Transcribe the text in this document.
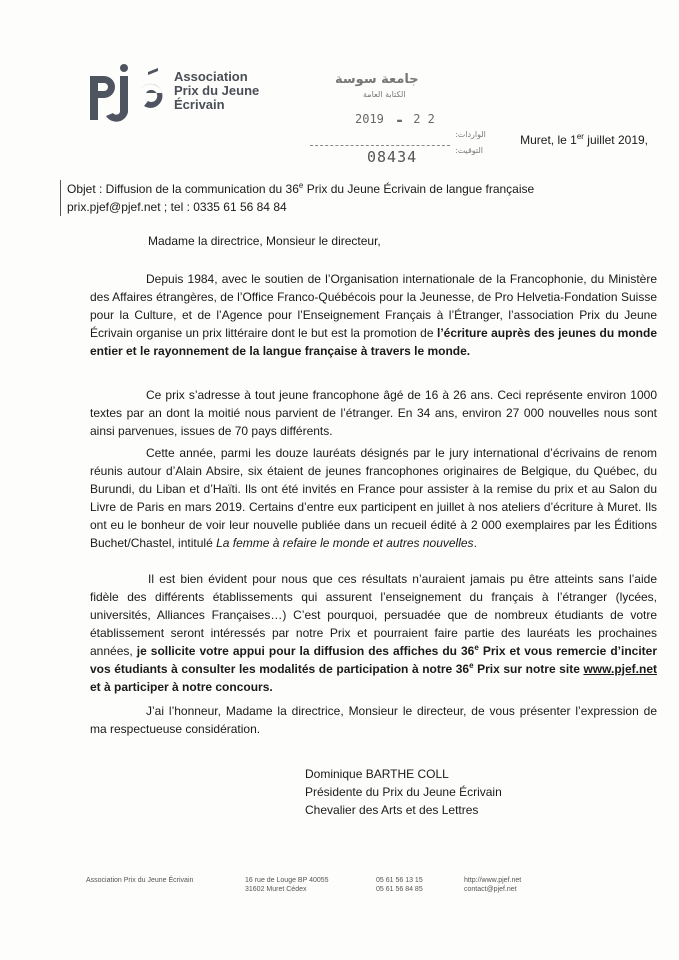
Association
Prix du Jeune
Écrivain
جامعة سوسة
الكتابة العامة
2019 ▬ 2 2
الواردات:
التوقيت:
08434
Muret, le 1er juillet 2019,
Objet : Diffusion de la communication du 36e Prix du Jeune Écrivain de langue française
prix.pjef@pjef.net ; tel : 0335 61 56 84 84
Madame la directrice, Monsieur le directeur,
Depuis 1984, avec le soutien de l’Organisation internationale de la Francophonie, du Ministère des Affaires étrangères, de l’Office Franco-Québécois pour la Jeunesse, de Pro Helvetia-Fondation Suisse pour la Culture, et de l’Agence pour l’Enseignement Français à l’Étranger, l’association Prix du Jeune Écrivain organise un prix littéraire dont le but est la promotion de l’écriture auprès des jeunes du monde entier et le rayonnement de la langue française à travers le monde.
Ce prix s’adresse à tout jeune francophone âgé de 16 à 26 ans. Ceci représente environ 1000 textes par an dont la moitié nous parvient de l’étranger. En 34 ans, environ 27 000 nouvelles nous sont ainsi parvenues, issues de 70 pays différents.
Cette année, parmi les douze lauréats désignés par le jury international d’écrivains de renom réunis autour d’Alain Absire, six étaient de jeunes francophones originaires de Belgique, du Québec, du Burundi, du Liban et d’Haïti. Ils ont été invités en France pour assister à la remise du prix et au Salon du Livre de Paris en mars 2019. Certains d’entre eux participent en juillet à nos ateliers d’écriture à Muret. Ils ont eu le bonheur de voir leur nouvelle publiée dans un recueil édité à 2 000 exemplaires par les Éditions Buchet/Chastel, intitulé La femme à refaire le monde et autres nouvelles.
Il est bien évident pour nous que ces résultats n’auraient jamais pu être atteints sans l’aide fidèle des différents établissements qui assurent l’enseignement du français à l’étranger (lycées, universités, Alliances Françaises…) C’est pourquoi, persuadée que de nombreux étudiants de votre établissement seront intéressés par notre Prix et pourraient faire partie des lauréats les prochaines années, je sollicite votre appui pour la diffusion des affiches du 36e Prix et vous remercie d’inciter vos étudiants à consulter les modalités de participation à notre 36e Prix sur notre site www.pjef.net et à participer à notre concours.
J’ai l’honneur, Madame la directrice, Monsieur le directeur, de vous présenter l’expression de ma respectueuse considération.
Dominique BARTHE COLL
Présidente du Prix du Jeune Écrivain
Chevalier des Arts et des Lettres
Association Prix du Jeune Écrivain	16 rue de Louge BP 40055
31602 Muret Cédex
05 61 56 13 15
05 61 56 84 85
http://www.pjef.net
contact@pjef.net
